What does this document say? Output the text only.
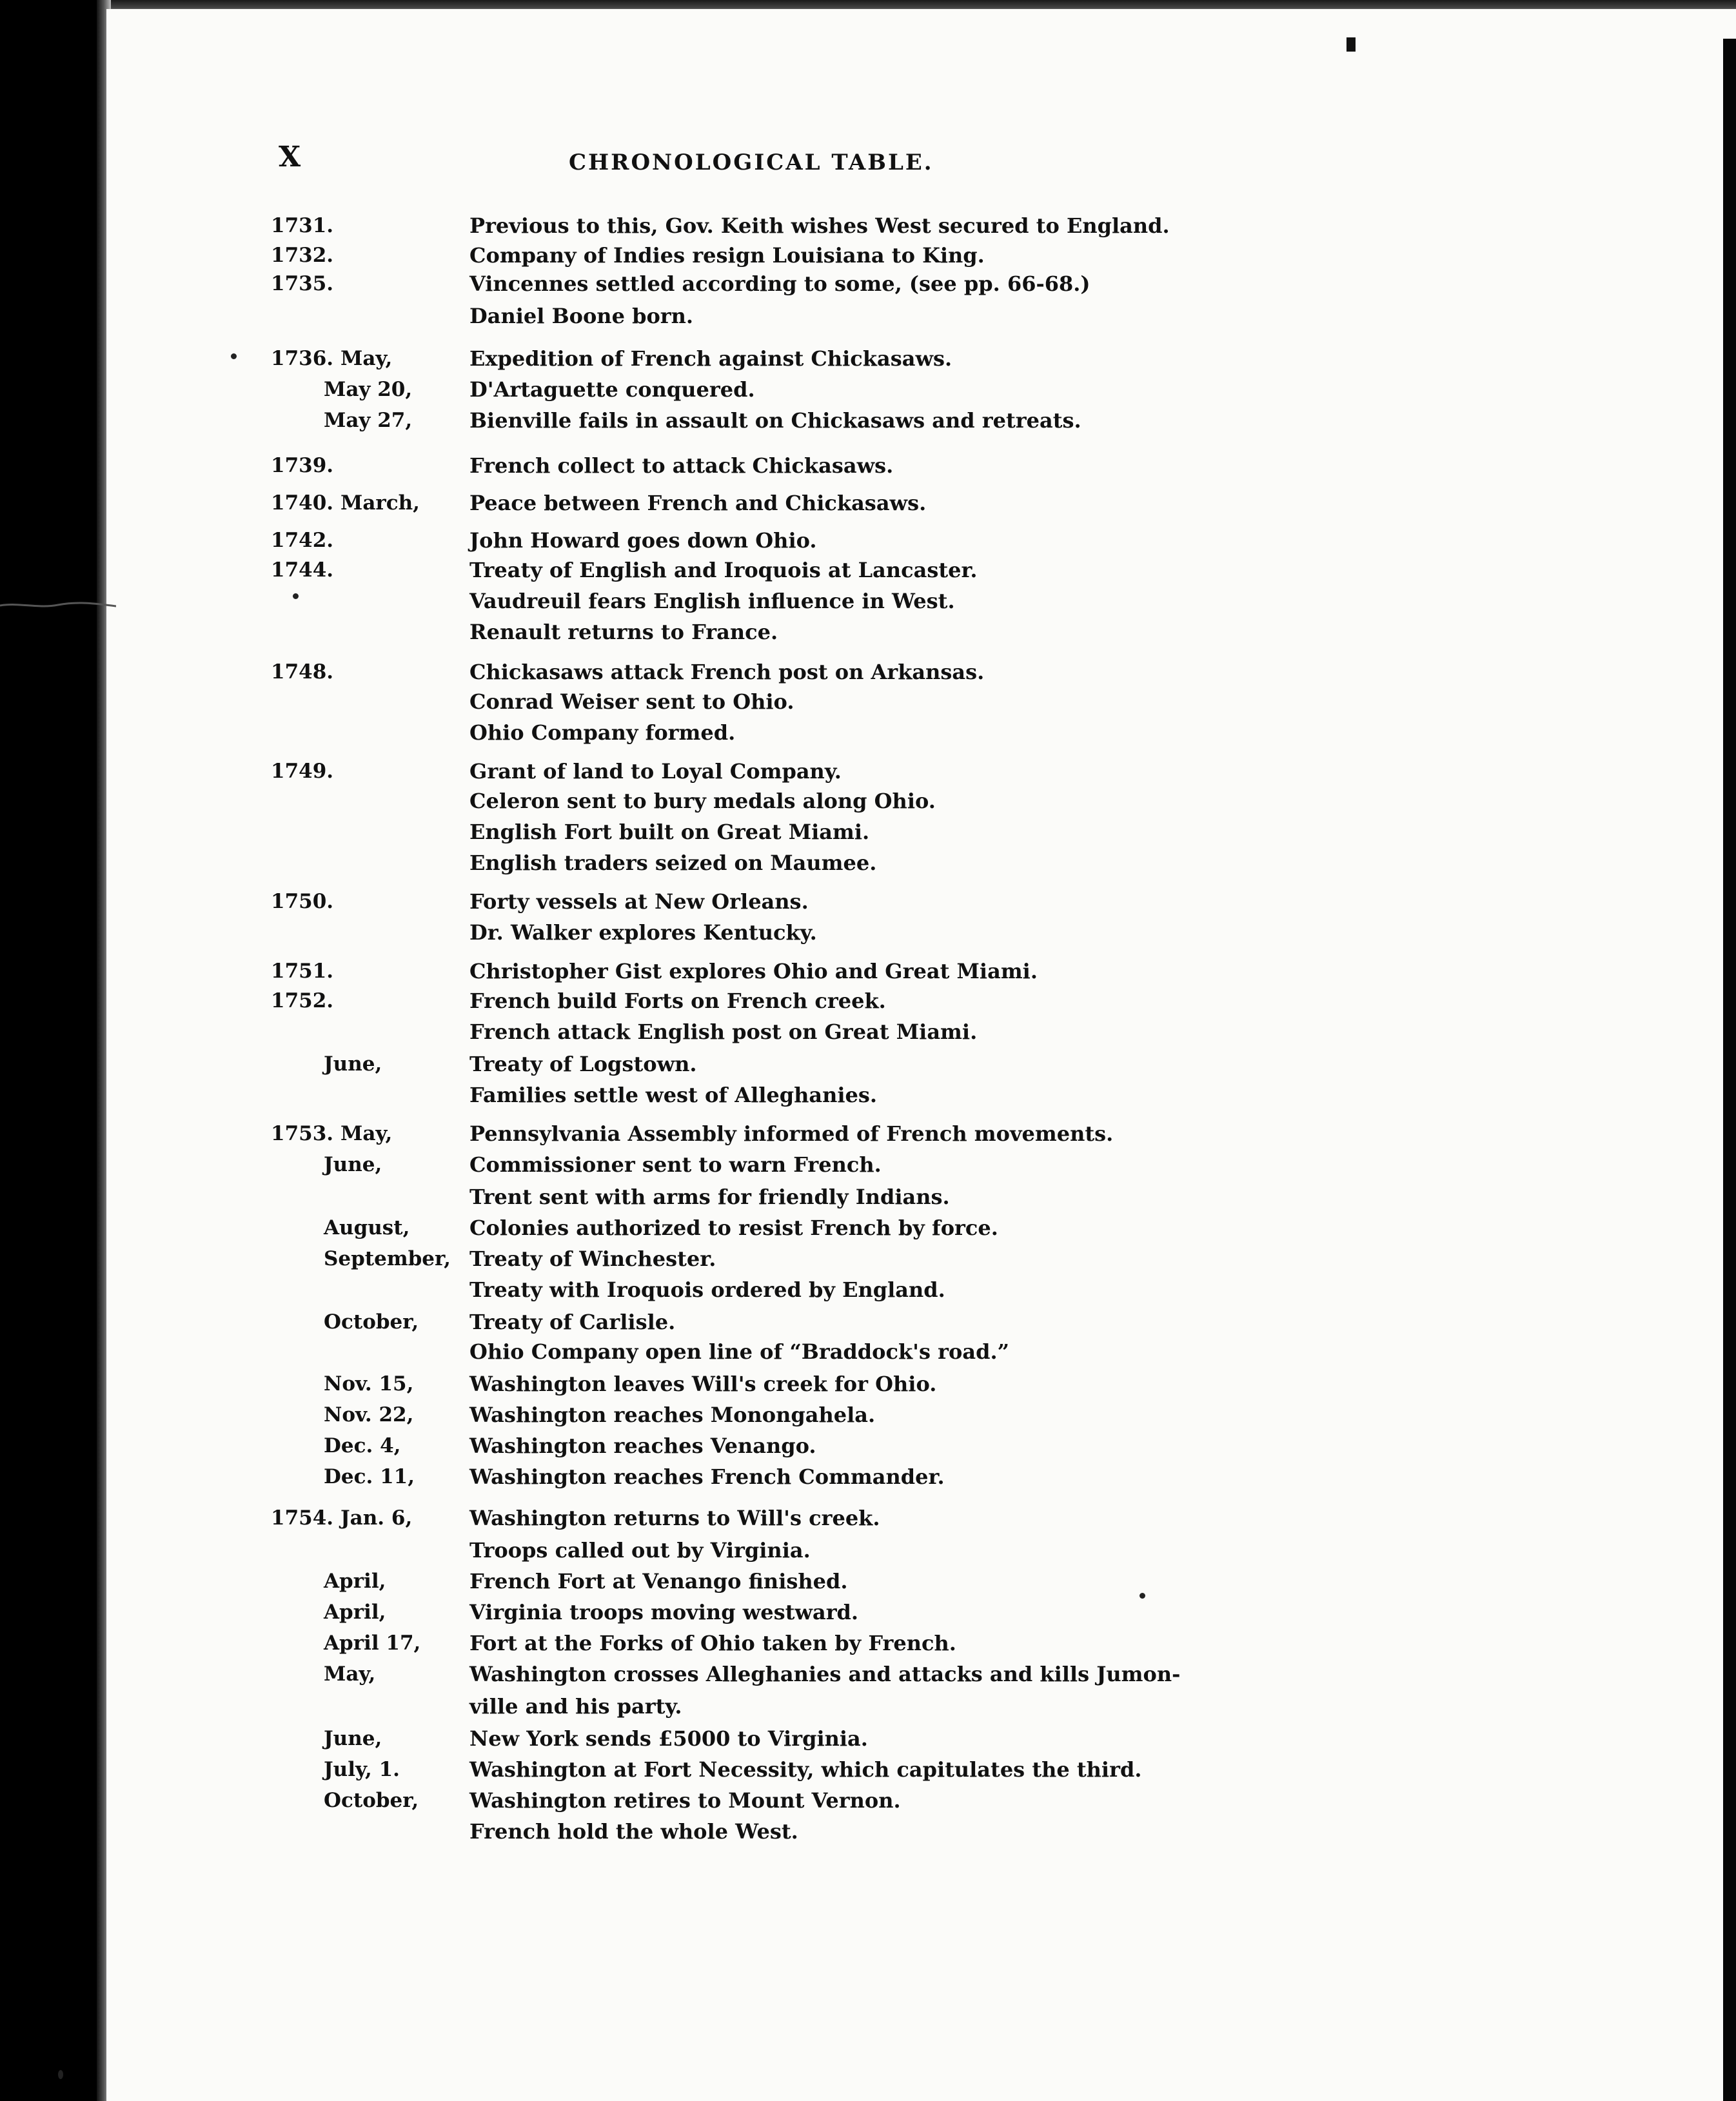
X	CHRONOLOGICAL TABLE.
1731.	Previous to this, Gov. Keith wishes West secured to England.
1732.	Company of Indies resign Louisiana to King.
1735.	Vincennes settled according to some, (see pp. 66-68.)
Daniel Boone born.
1736. May,	Expedition of French against Chickasaws.
May 20,	D'Artaguette conquered.
May 27,	Bienville fails in assault on Chickasaws and retreats.
1739.	French collect to attack Chickasaws.
1740. March, Peace between French and Chickasaws.
1742.	John Howard goes down Ohio.
1744.	Treaty of English and Iroquois at Lancaster.
Vaudreuil fears English influence in West.
Renault returns to France.
1748.	Chickasaws attack French post on Arkansas.
Conrad Weiser sent to Ohio.
Ohio Company formed.
1749.	Grant of land to Loyal Company.
Celeron sent to bury medals along Ohio.
English Fort built on Great Miami.
English traders seized on Maumee.
1750.	Forty vessels at New Orleans.
Dr. Walker explores Kentucky.
1751.	Christopher Gist explores Ohio and Great Miami.
1752.	French build Forts on French creek.
French attack English post on Great Miami.
June,	Treaty of Logstown.
Families settle west of Alleghanies.
1753. May,	Pennsylvania Assembly informed of French movements.
June,	Commissioner sent to warn French.
Trent sent with arms for friendly Indians.
August,	Colonies authorized to resist French by force.
September, Treaty of Winchester.
Treaty with Iroquois ordered by England.
October, Treaty of Carlisle.
Ohio Company open line of “Braddock's road.”
Nov. 15,	Washington leaves Will's creek for Ohio.
Nov. 22,	Washington reaches Monongahela.
Dec. 4,	Washington reaches Venango.
Dec. 11,	Washington reaches French Commander.
1754. Jan. 6,	Washington returns to Will's creek.
Troops called out by Virginia.
April,	French Fort at Venango finished.
April,	Virginia troops moving westward.
April 17, Fort at the Forks of Ohio taken by French.
May,	Washington crosses Alleghanies and attacks and kills Jumon-
ville and his party.
June,	New York sends £5000 to Virginia.
July, 1.	Washington at Fort Necessity, which capitulates the third.
October, Washington retires to Mount Vernon.
French hold the whole West.
